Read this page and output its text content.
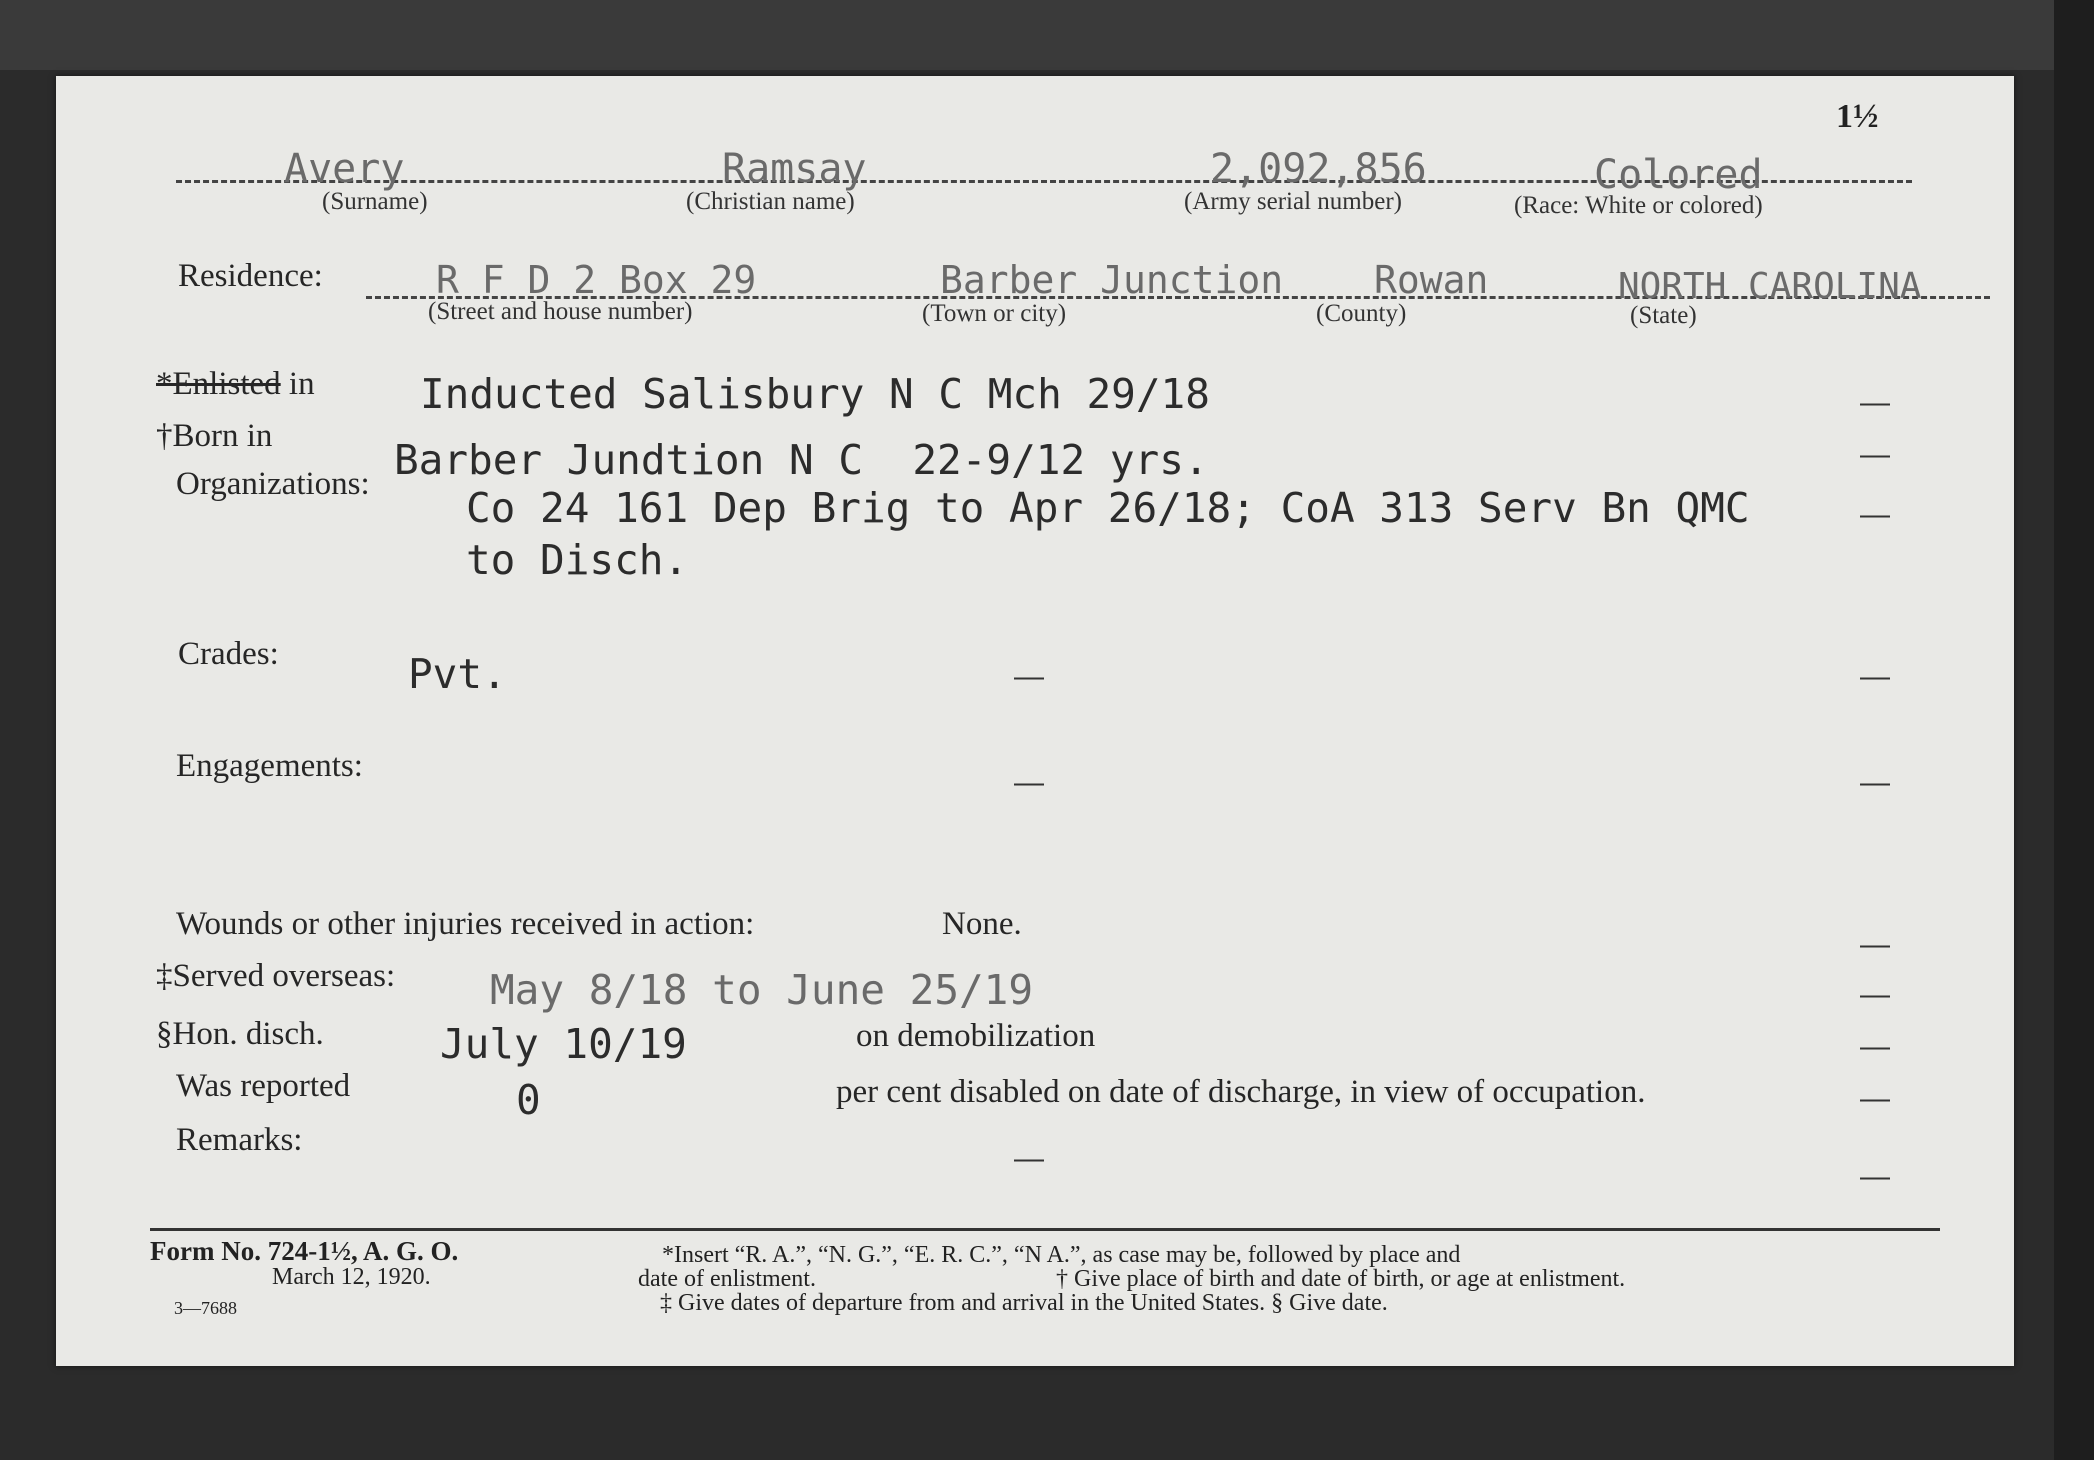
1½
Avery
(Surname)
Ramsay
(Christian name)
2,092,856
(Army serial number)
Colored
(Race: White or colored)
Residence:	R F D 2 Box 29
(Street and house number)
Barber Junction
(Town or city)
Rowan
(County)
NORTH CAROLINA
(State)
*Enlisted in	Inducted Salisbury N C Mch 29/18	—
†Born in	Barber Jundtion N C  22-9/12 yrs.	—
Organizations: Co 24 161 Dep Brig to Apr 26/18; CoA 313 Serv Bn QMC
to Disch.
—
Crades:	Pvt.	—	—
Engagements:	—	—
Wounds or other injuries received in action:	None.
—
‡Served overseas: May 8/18 to June 25/19	—
§Hon. disch.	July 10/19	on demobilization	—
Was reported	0	per cent disabled on date of discharge, in view of occupation.	—
Remarks:
—
—
Form No. 724-1½, A. G. O.
March 12, 1920.
3—7688
*Insert “R. A.”, “N. G.”, “E. R. C.”, “N A.”, as case may be, followed by place and
date of enlistment.	† Give place of birth and date of birth, or age at enlistment.
‡ Give dates of departure from and arrival in the United States. § Give date.
